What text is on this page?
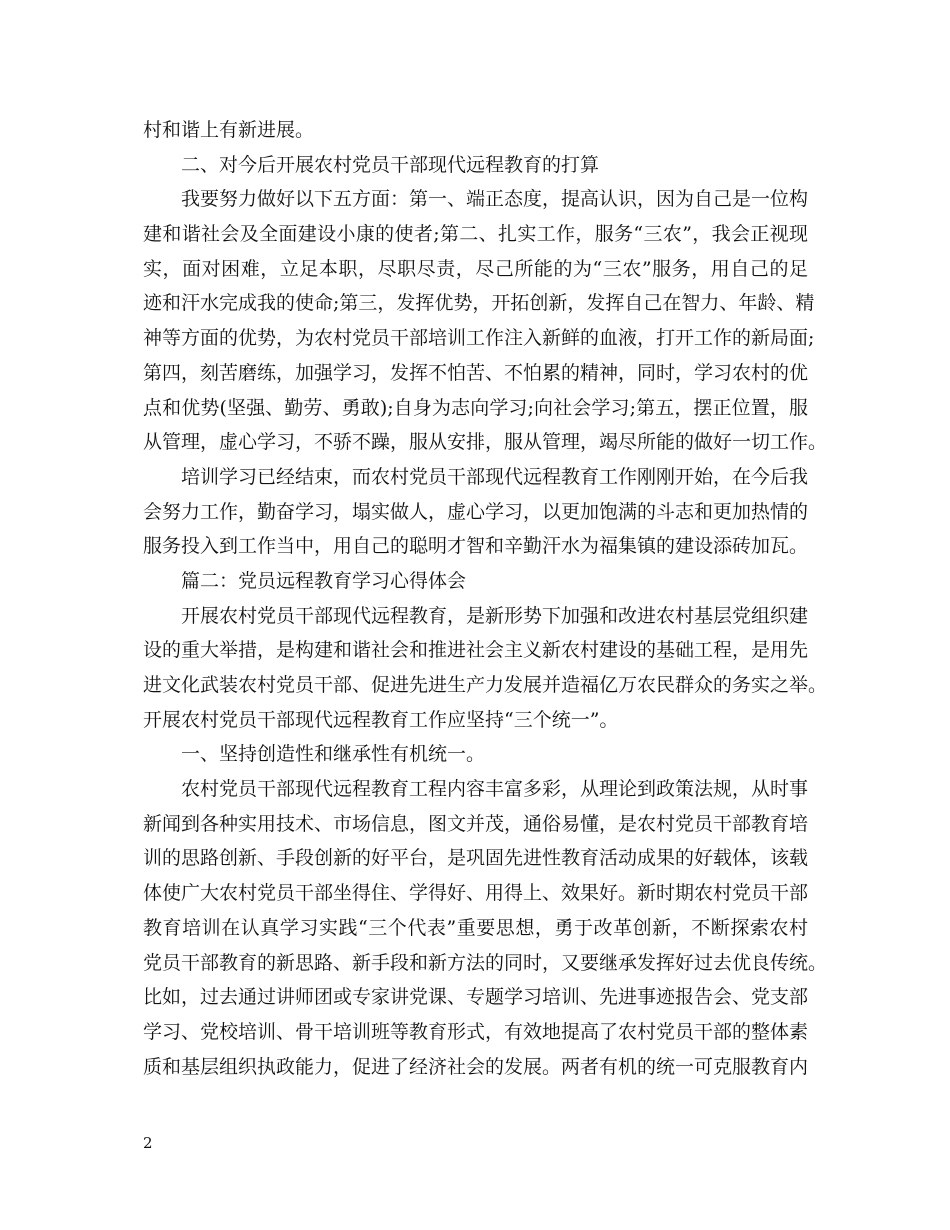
村和谐上有新进展。
二、对今后开展农村党员干部现代远程教育的打算
我要努力做好以下五方面：第一、端正态度，提高认识，因为自己是一位构
建和谐社会及全面建设小康的使者;第二、扎实工作，服务“三农”，我会正视现
实，面对困难，立足本职，尽职尽责，尽己所能的为“三农”服务，用自己的足
迹和汗水完成我的使命;第三，发挥优势，开拓创新，发挥自己在智力、年龄、精
神等方面的优势，为农村党员干部培训工作注入新鲜的血液，打开工作的新局面;
第四，刻苦磨练，加强学习，发挥不怕苦、不怕累的精神，同时，学习农村的优
点和优势(坚强、勤劳、勇敢);自身为志向学习;向社会学习;第五，摆正位置，服
从管理，虚心学习，不骄不躁，服从安排，服从管理，竭尽所能的做好一切工作。
培训学习已经结束，而农村党员干部现代远程教育工作刚刚开始，在今后我
会努力工作，勤奋学习，塌实做人，虚心学习，以更加饱满的斗志和更加热情的
服务投入到工作当中，用自己的聪明才智和辛勤汗水为福集镇的建设添砖加瓦。
篇二：党员远程教育学习心得体会
开展农村党员干部现代远程教育，是新形势下加强和改进农村基层党组织建
设的重大举措，是构建和谐社会和推进社会主义新农村建设的基础工程，是用先
进文化武装农村党员干部、促进先进生产力发展并造福亿万农民群众的务实之举。
开展农村党员干部现代远程教育工作应坚持“三个统一”。
一、坚持创造性和继承性有机统一。
农村党员干部现代远程教育工程内容丰富多彩，从理论到政策法规，从时事
新闻到各种实用技术、市场信息，图文并茂，通俗易懂，是农村党员干部教育培
训的思路创新、手段创新的好平台，是巩固先进性教育活动成果的好载体，该载
体使广大农村党员干部坐得住、学得好、用得上、效果好。新时期农村党员干部
教育培训在认真学习实践“三个代表”重要思想，勇于改革创新，不断探索农村
党员干部教育的新思路、新手段和新方法的同时，又要继承发挥好过去优良传统。
比如，过去通过讲师团或专家讲党课、专题学习培训、先进事迹报告会、党支部
学习、党校培训、骨干培训班等教育形式，有效地提高了农村党员干部的整体素
质和基层组织执政能力，促进了经济社会的发展。两者有机的统一可克服教育内
2
